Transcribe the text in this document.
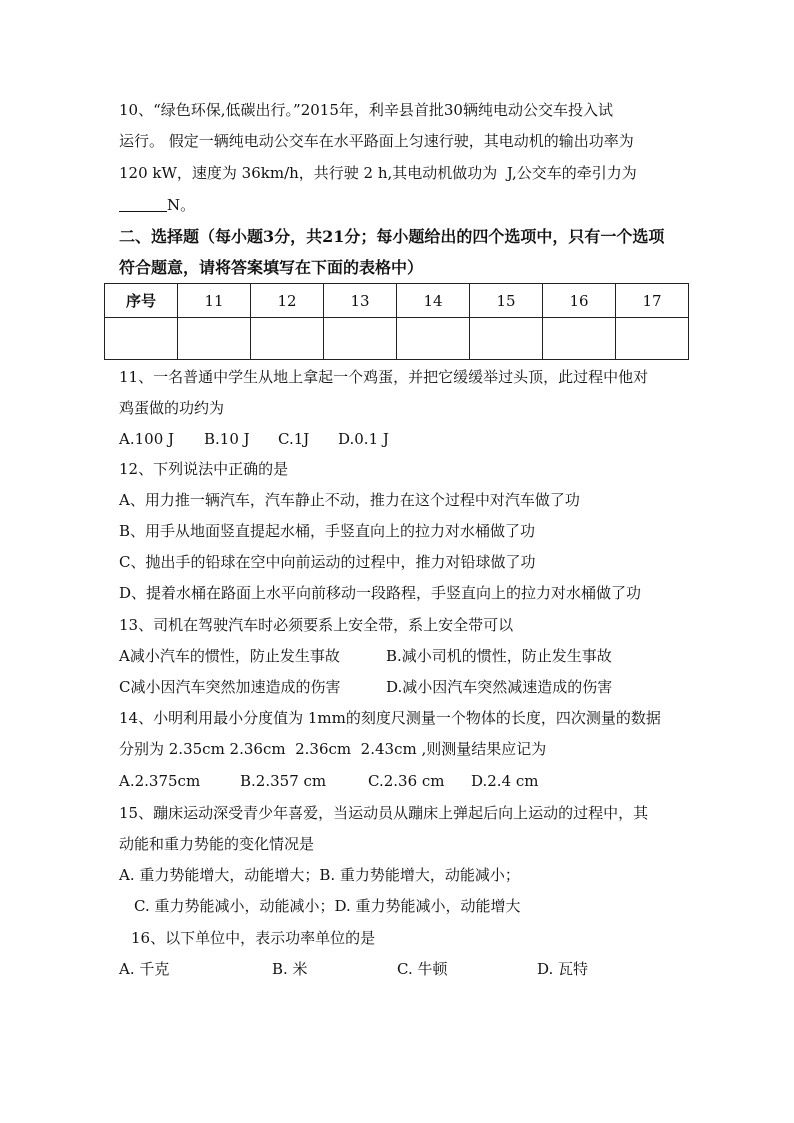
10、“绿色环保,低碳出行。”2015年，利辛县首批30辆纯电动公交车投入试
运行。 假定一辆纯电动公交车在水平路面上匀速行驶，其电动机的输出功率为
120 kW，速度为 36km/h，共行驶 2 h,其电动机做功为  J,公交车的牵引力为
N。
二、选择题（每小题3分，共21分；每小题给出的四个选项中，只有一个选项
符合题意，请将答案填写在下面的表格中）
序号	11	12	13	14	15	16	17

11、一名普通中学生从地上拿起一个鸡蛋，并把它缓缓举过头顶，此过程中他对
鸡蛋做的功约为
A.100 J B.10 J C.1J D.0.1 J
12、下列说法中正确的是
A、用力推一辆汽车，汽车静止不动，推力在这个过程中对汽车做了功
B、用手从地面竖直提起水桶，手竖直向上的拉力对水桶做了功
C、抛出手的铅球在空中向前运动的过程中，推力对铅球做了功
D、提着水桶在路面上水平向前移动一段路程，手竖直向上的拉力对水桶做了功
13、司机在驾驶汽车时必须要系上安全带，系上安全带可以
A减小汽车的惯性，防止发生事故	B.减小司机的惯性，防止发生事故
C减小因汽车突然加速造成的伤害	D.减小因汽车突然减速造成的伤害
14、小明利用最小分度值为 1mm的刻度尺测量一个物体的长度，四次测量的数据
分别为 2.35cm 2.36cm  2.36cm  2.43cm ,则测量结果应记为
A.2.375cm	B.2.357 cm	C.2.36 cm D.2.4 cm
15、蹦床运动深受青少年喜爱，当运动员从蹦床上弹起后向上运动的过程中，其
动能和重力势能的变化情况是
A. 重力势能增大，动能增大；B. 重力势能增大，动能减小；
C. 重力势能减小，动能减小；D. 重力势能减小，动能增大
16、以下单位中，表示功率单位的是
A. 千克	B. 米	C. 牛顿	D. 瓦特
